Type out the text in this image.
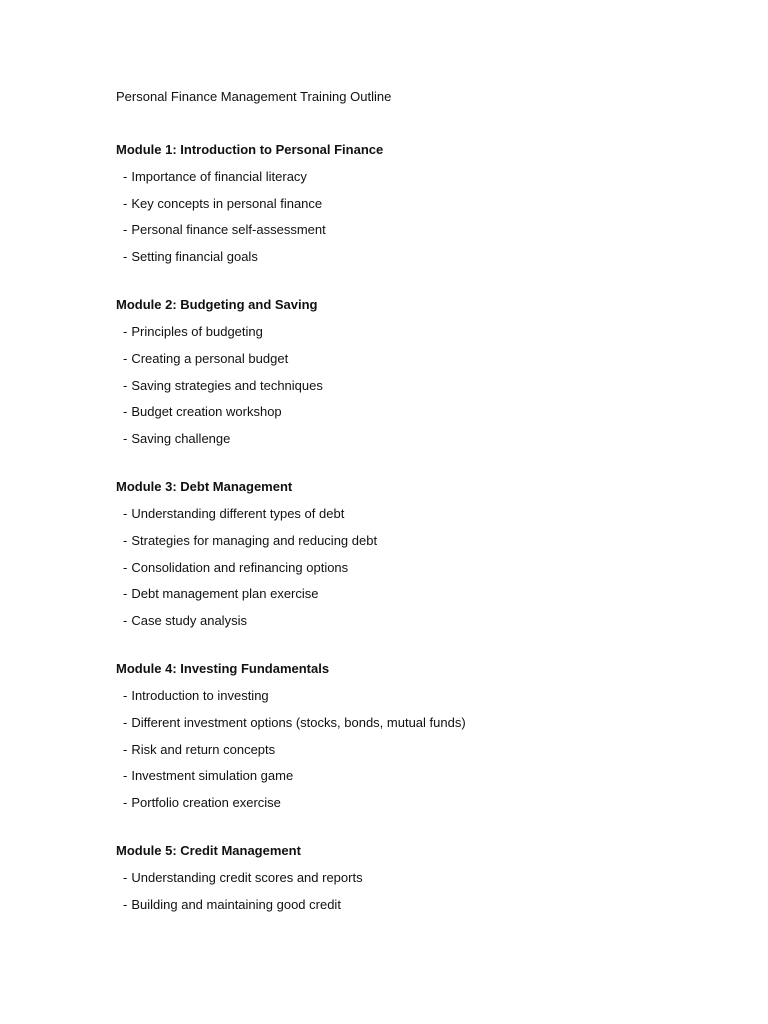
Personal Finance Management Training Outline
Module 1: Introduction to Personal Finance
- Importance of financial literacy
- Key concepts in personal finance
- Personal finance self-assessment
- Setting financial goals
Module 2: Budgeting and Saving
- Principles of budgeting
- Creating a personal budget
- Saving strategies and techniques
- Budget creation workshop
- Saving challenge
Module 3: Debt Management
- Understanding different types of debt
- Strategies for managing and reducing debt
- Consolidation and refinancing options
- Debt management plan exercise
- Case study analysis
Module 4: Investing Fundamentals
- Introduction to investing
- Different investment options (stocks, bonds, mutual funds)
- Risk and return concepts
- Investment simulation game
- Portfolio creation exercise
Module 5: Credit Management
- Understanding credit scores and reports
- Building and maintaining good credit
